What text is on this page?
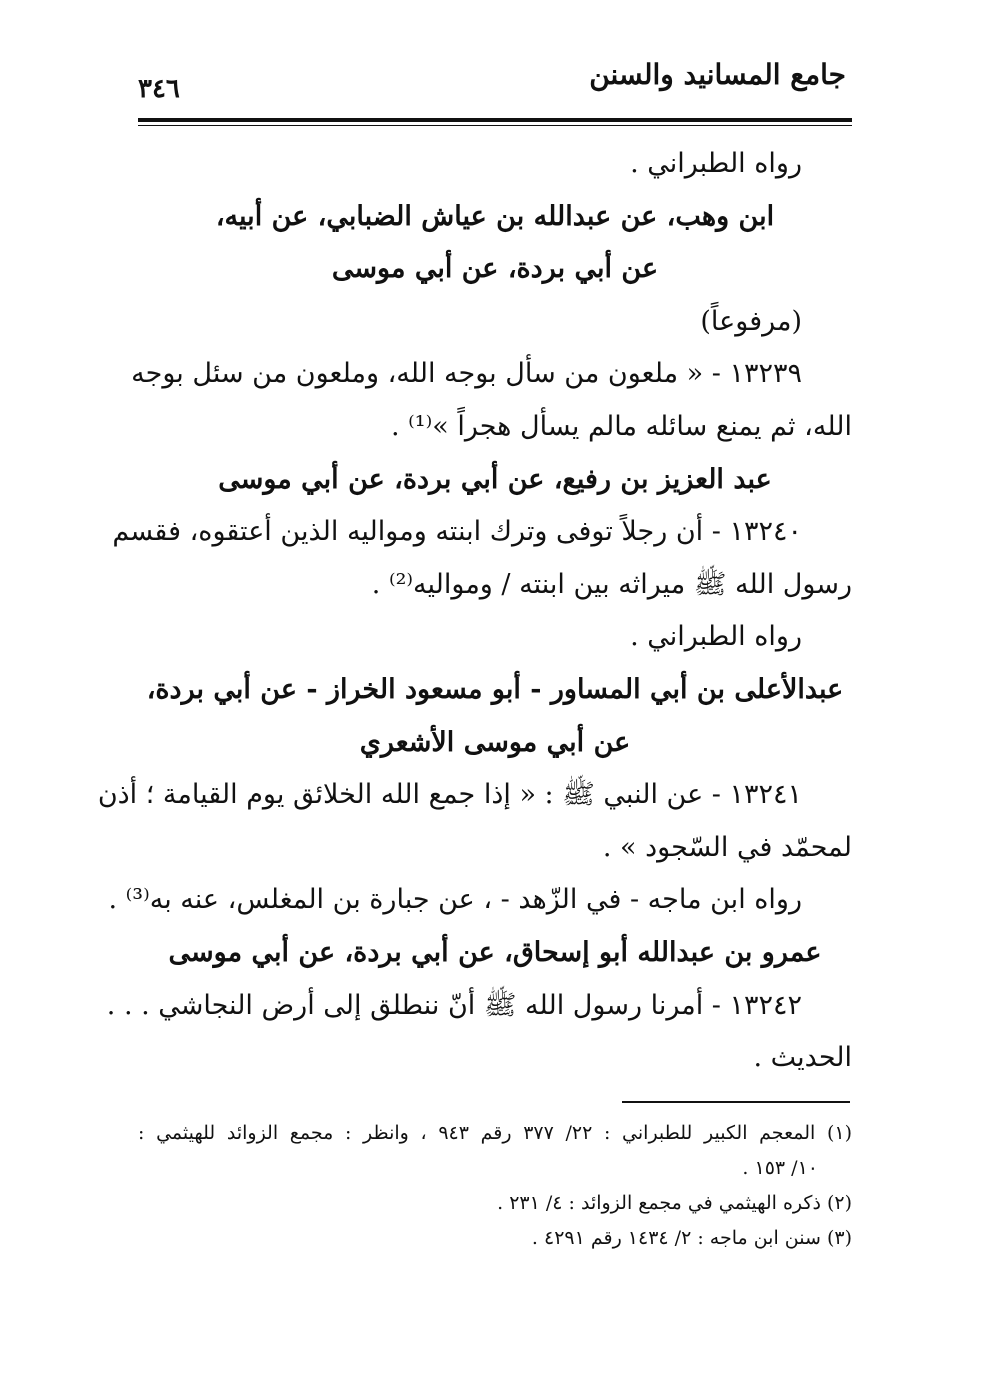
جامع المسانيد والسنن
٣٤٦
رواه الطبراني .
ابن وهب، عن عبدالله بن عياش الضبابي، عن أبيه،
عن أبي بردة، عن أبي موسى
(مرفوعاً)
١٣٢٣٩ - « ملعون من سأل بوجه الله، وملعون من سئل بوجه
الله، ثم يمنع سائله مالم يسأل هجراً »⁽¹⁾ .
عبد العزيز بن رفيع، عن أبي بردة، عن أبي موسى
١٣٢٤٠ - أن رجلاً توفى وترك ابنته ومواليه الذين أعتقوه، فقسم
رسول الله ﷺ ميراثه بين ابنته / ومواليه⁽²⁾ .
رواه الطبراني .
عبدالأعلى بن أبي المساور - أبو مسعود الخراز - عن أبي بردة،
عن أبي موسى الأشعري
١٣٢٤١ - عن النبي ﷺ : « إذا جمع الله الخلائق يوم القيامة ؛ أذن
لمحمّد في السّجود » .
رواه ابن ماجه - في الزّهد - ، عن جبارة بن المغلس، عنه به⁽³⁾ .
عمرو بن عبدالله أبو إسحاق، عن أبي بردة، عن أبي موسى
١٣٢٤٢ - أمرنا رسول الله ﷺ أنّ ننطلق إلى أرض النجاشي . . .
الحديث .
(١) المعجم الكبير للطبراني : ٢٢/ ٣٧٧ رقم ٩٤٣ ، وانظر : مجمع الزوائد للهيثمي :
١٠/ ١٥٣ .
(٢) ذكره الهيثمي في مجمع الزوائد : ٤/ ٢٣١ .
(٣) سنن ابن ماجه : ٢/ ١٤٣٤ رقم ٤٢٩١ .
